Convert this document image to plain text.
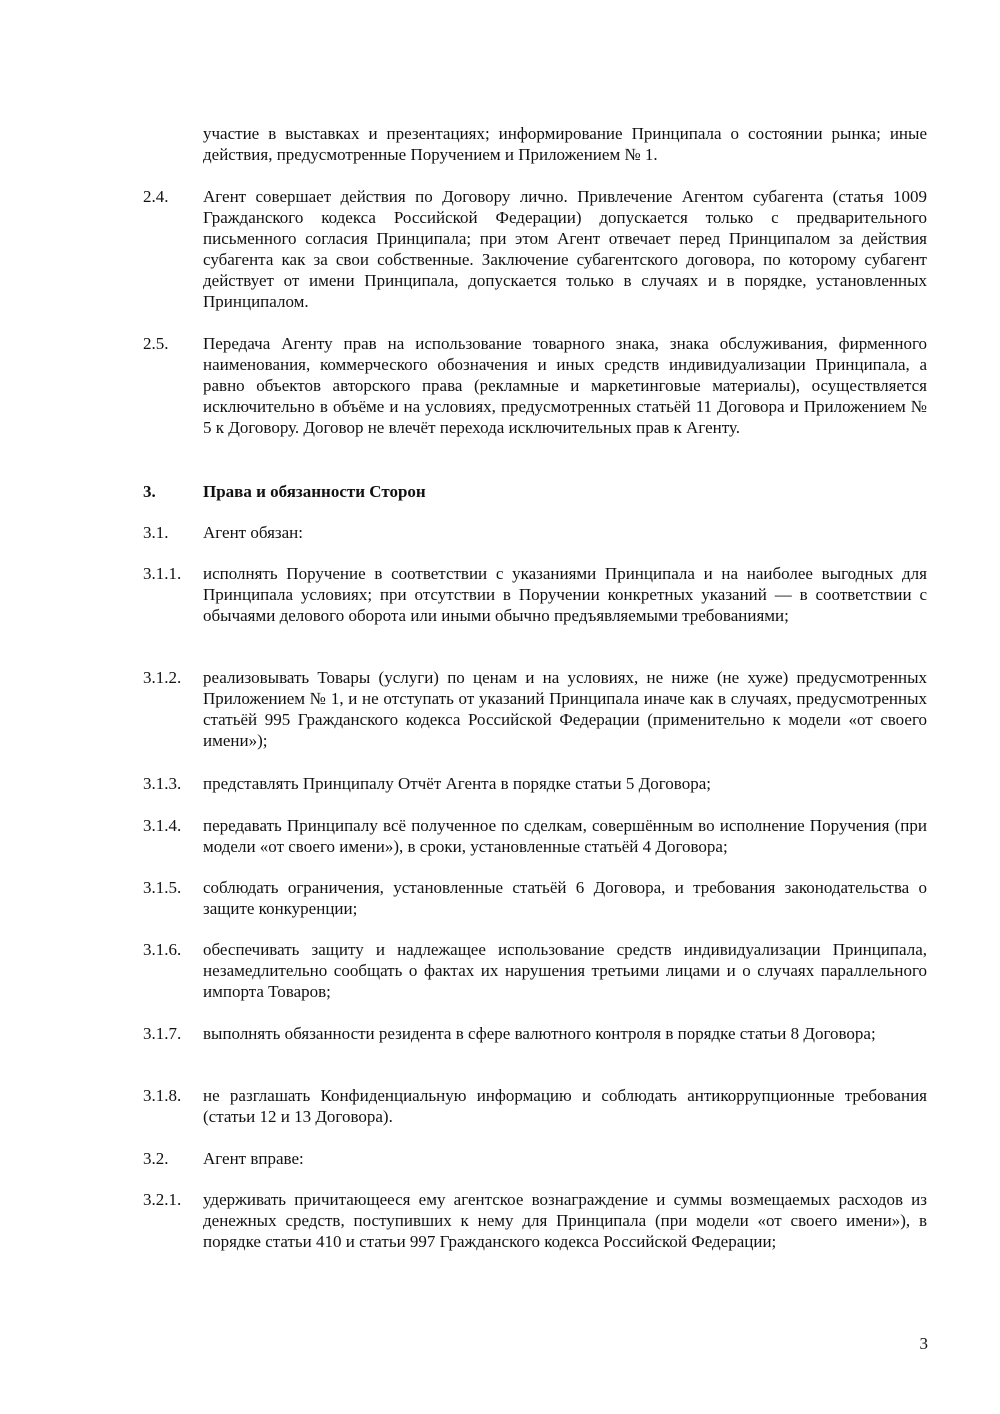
участие в выставках и презентациях; информирование Принципала о состоянии рынка; иные действия, предусмотренные Поручением и Приложением № 1.
2.4.	Агент совершает действия по Договору лично. Привлечение Агентом субагента (статья 1009 Гражданского кодекса Российской Федерации) допускается только с предварительного письменного согласия Принципала; при этом Агент отвечает перед Принципалом за действия субагента как за свои собственные. Заключение субагентского договора, по которому субагент действует от имени Принципала, допускается только в случаях и в порядке, установленных Принципалом.
2.5.	Передача Агенту прав на использование товарного знака, знака обслуживания, фирменного наименования, коммерческого обозначения и иных средств индивидуализации Принципала, а равно объектов авторского права (рекламные и маркетинговые материалы), осуществляется исключительно в объёме и на условиях, предусмотренных статьёй 11 Договора и Приложением № 5 к Договору. Договор не влечёт перехода исключительных прав к Агенту.
3.	Права и обязанности Сторон
3.1.	Агент обязан:
3.1.1.	исполнять Поручение в соответствии с указаниями Принципала и на наиболее выгодных для Принципала условиях; при отсутствии в Поручении конкретных указаний — в соответствии с обычаями делового оборота или иными обычно предъявляемыми требованиями;
3.1.2.	реализовывать Товары (услуги) по ценам и на условиях, не ниже (не хуже) предусмотренных Приложением № 1, и не отступать от указаний Принципала иначе как в случаях, предусмотренных статьёй 995 Гражданского кодекса Российской Федерации (применительно к модели «от своего имени»);
3.1.3.	представлять Принципалу Отчёт Агента в порядке статьи 5 Договора;
3.1.4.	передавать Принципалу всё полученное по сделкам, совершённым во исполнение Поручения (при модели «от своего имени»), в сроки, установленные статьёй 4 Договора;
3.1.5.	соблюдать ограничения, установленные статьёй 6 Договора, и требования законодательства о защите конкуренции;
3.1.6.	обеспечивать защиту и надлежащее использование средств индивидуализации Принципала, незамедлительно сообщать о фактах их нарушения третьими лицами и о случаях параллельного импорта Товаров;
3.1.7.	выполнять обязанности резидента в сфере валютного контроля в порядке статьи 8 Договора;
3.1.8.	не разглашать Конфиденциальную информацию и соблюдать антикоррупционные требования (статьи 12 и 13 Договора).
3.2.	Агент вправе:
3.2.1.	удерживать причитающееся ему агентское вознаграждение и суммы возмещаемых расходов из денежных средств, поступивших к нему для Принципала (при модели «от своего имени»), в порядке статьи 410 и статьи 997 Гражданского кодекса Российской Федерации;
3
